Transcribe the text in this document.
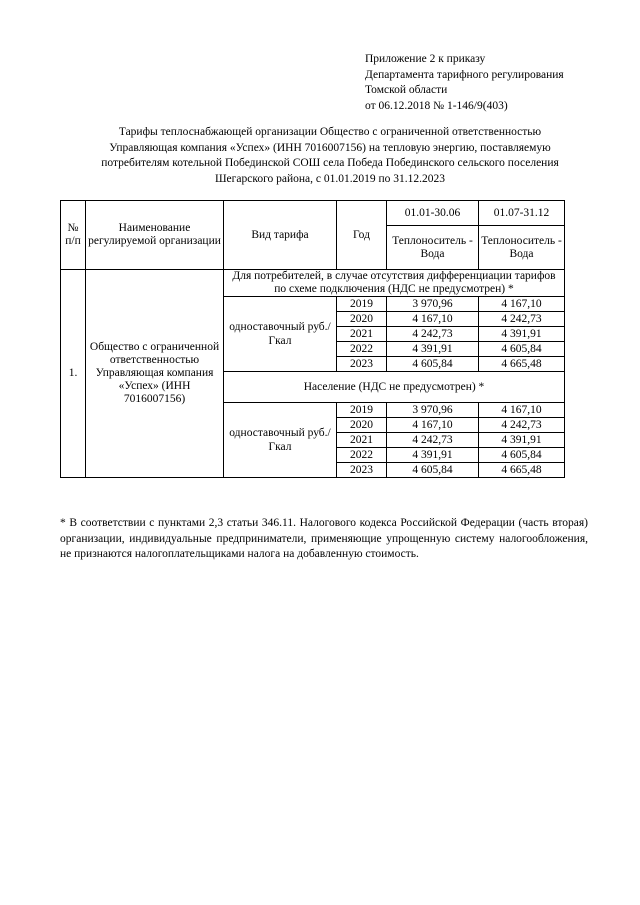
Приложение 2 к приказу
Департамента тарифного регулирования
Томской области
от 06.12.2018 № 1-146/9(403)
Тарифы теплоснабжающей организации Общество с ограниченной ответственностью
Управляющая компания «Успех» (ИНН 7016007156) на тепловую энергию, поставляемую
потребителям котельной Побединской СОШ села Победа Побединского сельского поселения
Шегарского района, с 01.01.2019 по 31.12.2023
№ п/п	Наименование регулируемой организации	Вид тарифа	Год	01.01-30.06	01.07-31.12
				Теплоноситель - Вода	Теплоноситель - Вода
1.	Общество с ограниченной ответственностью Управляющая компания «Успех» (ИНН 7016007156)	Для потребителей, в случае отсутствия дифференциации тарифов по схеме подключения (НДС не предусмотрен) *			
		одноставочный руб./Гкал	2019	3 970,96	4 167,10
			2020	4 167,10	4 242,73
			2021	4 242,73	4 391,91
			2022	4 391,91	4 605,84
			2023	4 605,84	4 665,48
		Население (НДС не предусмотрен) *			
		одноставочный руб./Гкал	2019	3 970,96	4 167,10
			2020	4 167,10	4 242,73
			2021	4 242,73	4 391,91
			2022	4 391,91	4 605,84
			2023	4 605,84	4 665,48
* В соответствии с пунктами 2,3 статьи 346.11. Налогового кодекса Российской Федерации (часть вторая) организации, индивидуальные предприниматели, применяющие упрощенную систему налогообложения, не признаются налогоплательщиками налога на добавленную стоимость.
